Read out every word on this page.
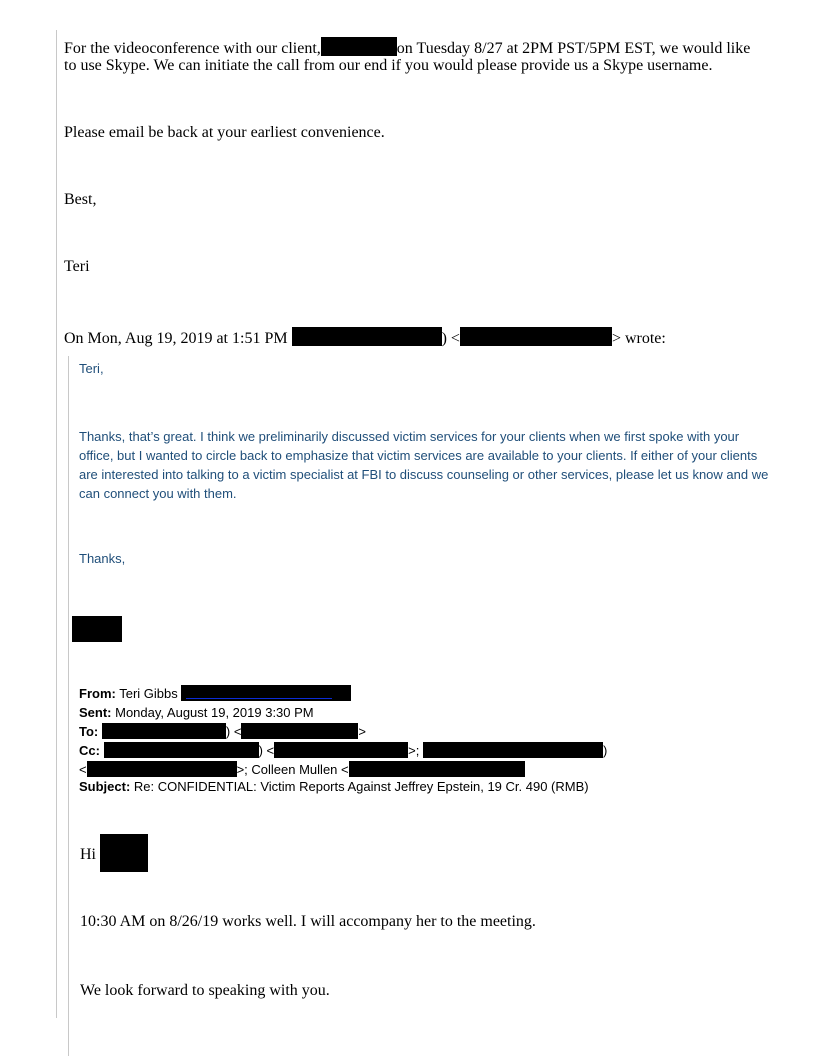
For the videoconference with our client,	on Tuesday 8/27 at 2PM PST/5PM EST, we would like
to use Skype. We can initiate the call from our end if you would please provide us a Skype username.
Please email be back at your earliest convenience.
Best,
Teri
On Mon, Aug 19, 2019 at 1:51 PM	) <	> wrote:
Teri,
Thanks, that’s great. I think we preliminarily discussed victim services for your clients when we first spoke with your office, but I wanted to circle back to emphasize that victim services are available to your clients. If either of your clients are interested into talking to a victim specialist at FBI to discuss counseling or other services, please let us know and we can connect you with them.
Thanks,
From: Teri Gibbs
Sent: Monday, August 19, 2019 3:30 PM
To:	) <	>
Cc:	) <	>;	)
<	>; Colleen Mullen <
Subject: Re: CONFIDENTIAL: Victim Reports Against Jeffrey Epstein, 19 Cr. 490 (RMB)
Hi
10:30 AM on 8/26/19 works well. I will accompany her to the meeting.
We look forward to speaking with you.
